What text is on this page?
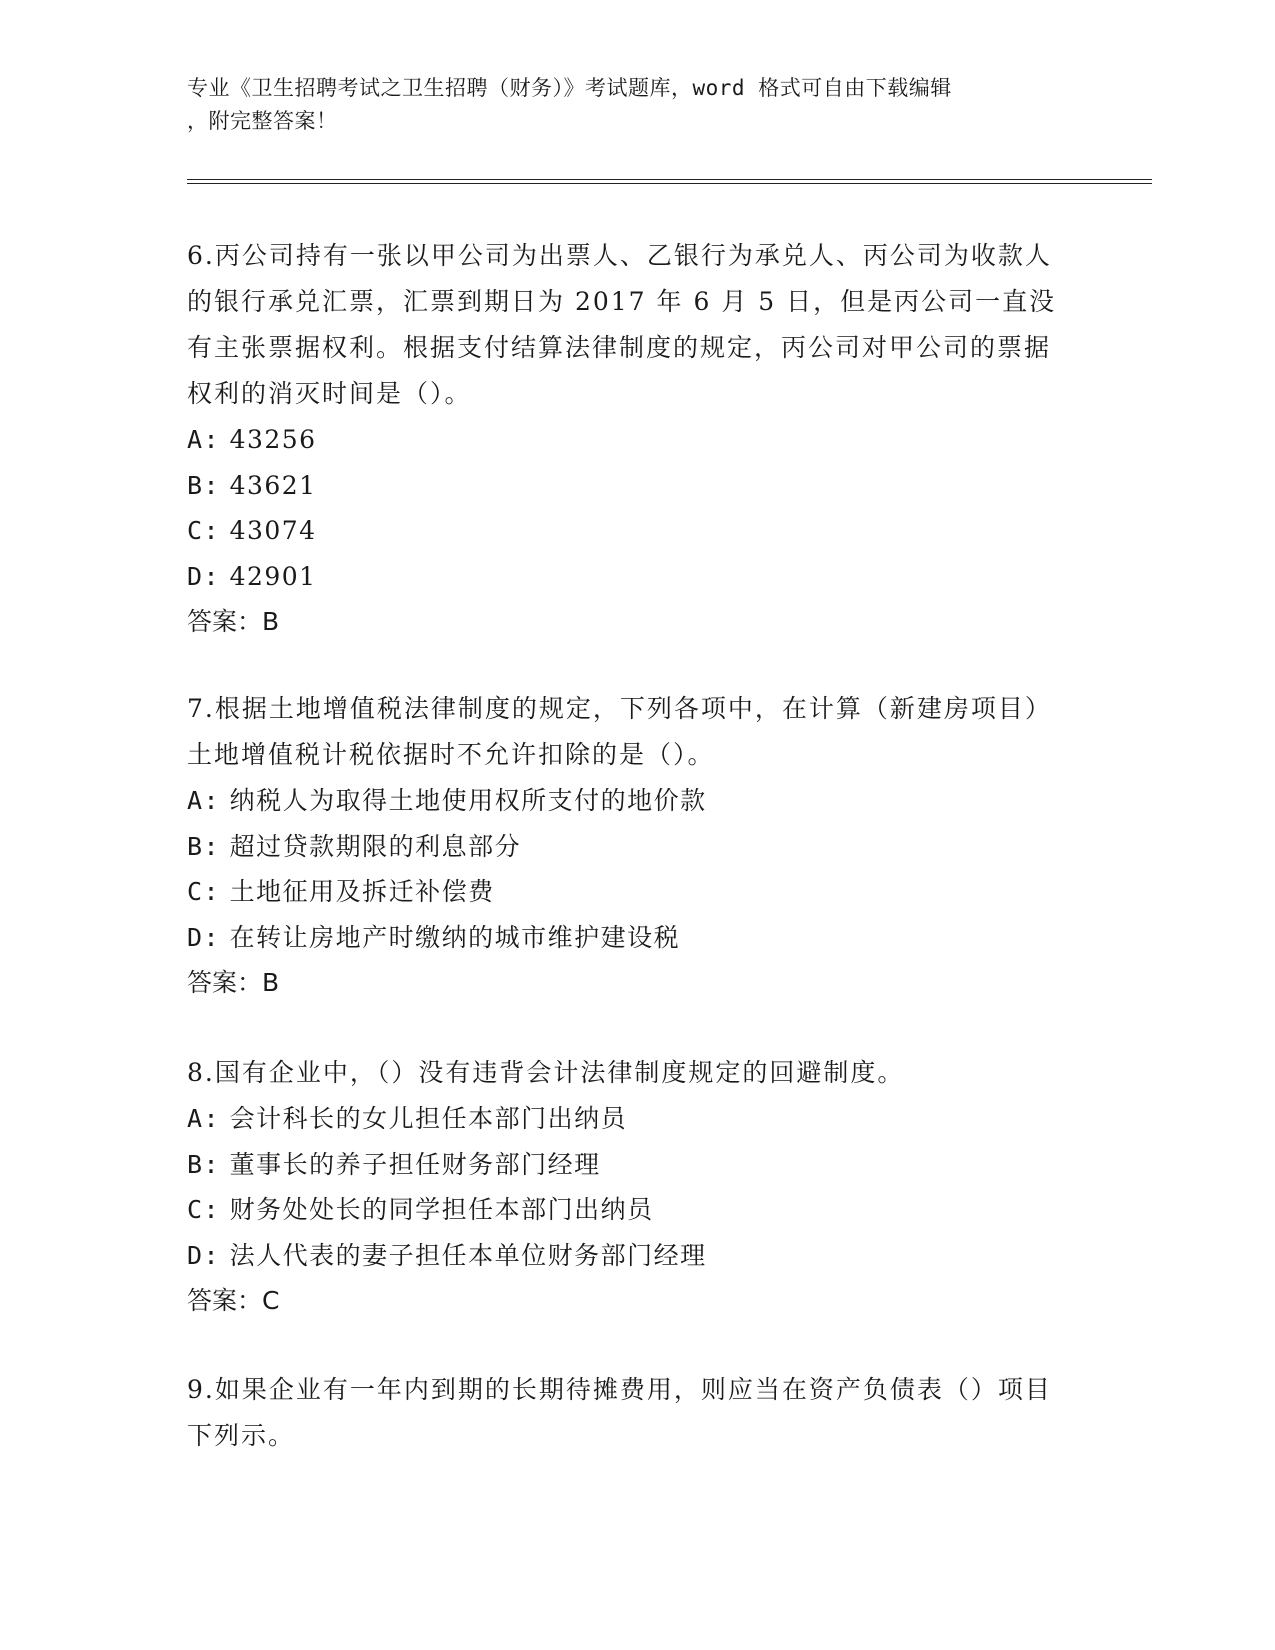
专业《卫生招聘考试之卫生招聘（财务）》考试题库，word 格式可自由下载编辑
，附完整答案！

6.丙公司持有一张以甲公司为出票人、乙银行为承兑人、丙公司为收款人的银行承兑汇票，汇票到期日为 2017 年 6 月 5 日，但是丙公司一直没有主张票据权利。根据支付结算法律制度的规定，丙公司对甲公司的票据权利的消灭时间是（）。

A: 43256

B: 43621

C: 43074

D: 42901

答案：B

7.根据土地增值税法律制度的规定，下列各项中，在计算（新建房项目）土地增值税计税依据时不允许扣除的是（）。

A: 纳税人为取得土地使用权所支付的地价款

B: 超过贷款期限的利息部分

C: 土地征用及拆迁补偿费

D: 在转让房地产时缴纳的城市维护建设税

答案：B

8.国有企业中，（）没有违背会计法律制度规定的回避制度。

A: 会计科长的女儿担任本部门出纳员

B: 董事长的养子担任财务部门经理

C: 财务处处长的同学担任本部门出纳员

D: 法人代表的妻子担任本单位财务部门经理

答案：C

9.如果企业有一年内到期的长期待摊费用，则应当在资产负债表（）项目下列示。
